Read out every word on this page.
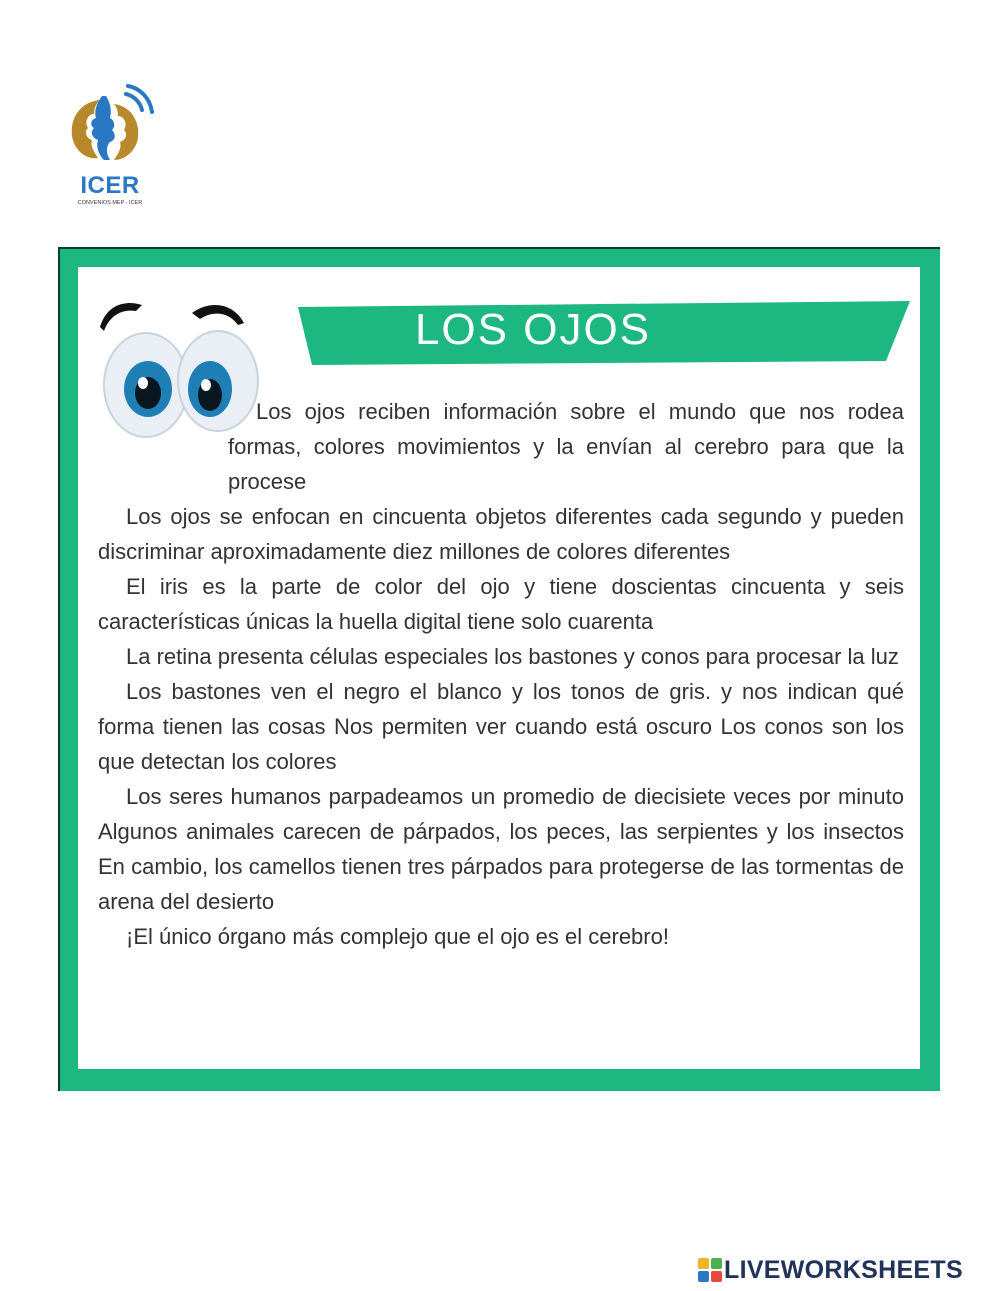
ICER
CONVENIOS MEP - ICER
LOS OJOS

Los ojos reciben información sobre el mundo que nos rodea formas, colores movimientos y la envían al cerebro para que la procese

Los ojos se enfocan en cincuenta objetos diferentes cada segundo y pueden discriminar aproximadamente diez millones de colores diferentes

El iris es la parte de color del ojo y tiene doscientas cincuenta y seis características únicas la huella digital tiene solo cuarenta

La retina presenta células especiales los bastones y conos para procesar la luz

Los bastones ven el negro el blanco y los tonos de gris. y nos indican qué forma tienen las cosas Nos permiten ver cuando está oscuro Los conos son los que detectan los colores

Los seres humanos parpadeamos un promedio de diecisiete veces por minuto Algunos animales carecen de párpados, los peces, las serpientes y los insectos En cambio, los camellos tienen tres párpados para protegerse de las tormentas de arena del desierto

¡El único órgano más complejo que el ojo es el cerebro!

LIVEWORKSHEETS
